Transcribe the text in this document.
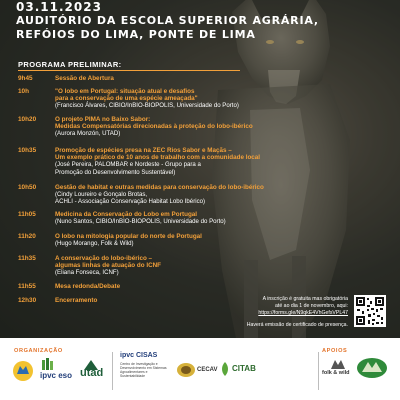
03.11.2023
AUDITÓRIO DA ESCOLA SUPERIOR AGRÁRIA,
REFÓIOS DO LIMA, PONTE DE LIMA
PROGRAMA PRELIMINAR:
9h45	Sessão de Abertura
10h	"O lobo em Portugal: situação atual e desafios
para a conservação de uma espécie ameaçada"
(Francisco Álvares, CIBIO/InBIO-BIOPOLIS, Universidade do Porto)
10h20	O projeto PIMA no Baixo Sabor:
Medidas Compensatórias direcionadas à proteção do lobo-ibérico
(Aurora Monzón, UTAD)
10h35	Promoção de espécies presa na ZEC Rios Sabor e Maçãs –
Um exemplo prático de 10 anos de trabalho com a comunidade local
(José Pereira, PALOMBAR e Nordeste - Grupo para a
Promoção do Desenvolvimento Sustentável)
10h50	Gestão de habitat e outras medidas para conservação do lobo-ibérico
(Cindy Loureiro e Gonçalo Brotas,
ACHLI - Associação Conservação Habitat Lobo Ibérico)
11h05	Medicina da Conservação do Lobo em Portugal
(Nuno Santos, CIBIO/InBIO-BIOPOLIS, Universidade do Porto)
11h20	O lobo na mitologia popular do norte de Portugal
(Hugo Morango, Folk & Wild)
11h35	A conservação do lobo-ibérico –
algumas linhas de atuação do ICNF
(Eliana Fonseca, ICNF)
11h55	Mesa redonda/Debate
12h30	Encerramento	A inscrição é gratuita mas obrigatória
até ao dia 1 de novembro, aqui:
https://forms.gle/N9qkE4VhGefsVPL47
Haverá emissão de certificado de presença.
ORGANIZAÇÃO	APOIOS
ipvc eso utad
ipvc CISAS
Centro de Investigação e Desenvolvimento em Sistemas Agroalimentares e Sustentabilidade
CECAV CITAB	folk & wild
